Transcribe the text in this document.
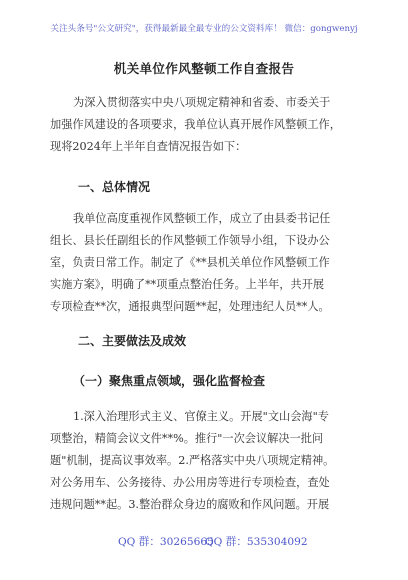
关注头条号"公文研究"，获得最新最全最专业的公文资料库！ 微信：gongwenyj
机关单位作风整顿工作自查报告
为深入贯彻落实中央八项规定精神和省委、市委关于
加强作风建设的各项要求，我单位认真开展作风整顿工作，
现将2024年上半年自查情况报告如下：
一、总体情况
我单位高度重视作风整顿工作，成立了由县委书记任
组长、县长任副组长的作风整顿工作领导小组，下设办公
室，负责日常工作。制定了《**县机关单位作风整顿工作
实施方案》，明确了**项重点整治任务。上半年，共开展
专项检查**次，通报典型问题**起，处理违纪人员**人。
二、主要做法及成效
（一）聚焦重点领域，强化监督检查
1.深入治理形式主义、官僚主义。开展"文山会海"专
项整治，精简会议文件**%。推行"一次会议解决一批问
题"机制，提高议事效率。2.严格落实中央八项规定精神。
对公务用车、公务接待、办公用房等进行专项检查，查处
违规问题**起。3.整治群众身边的腐败和作风问题。开展
QQ 群：30265665
QQ 群：535304092
